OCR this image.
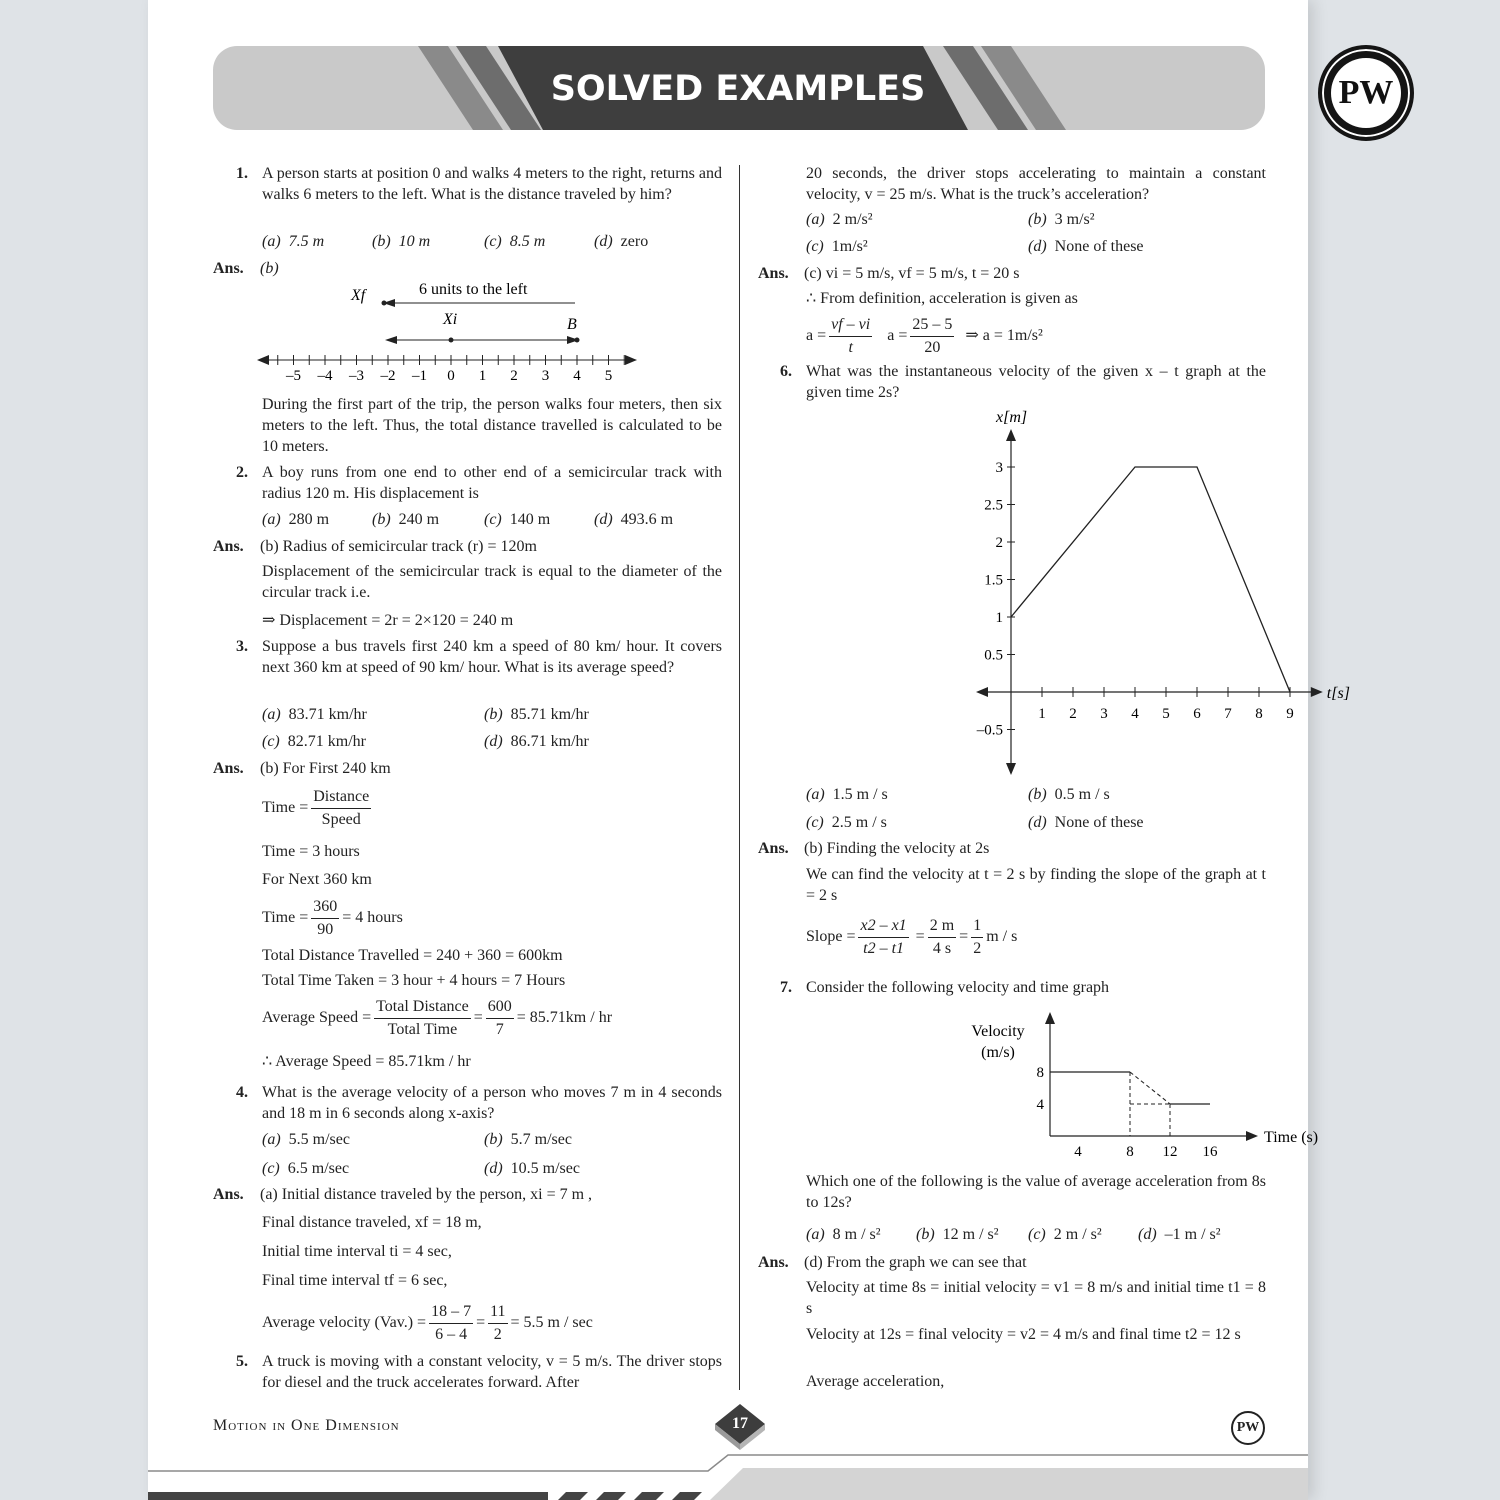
SOLVED EXAMPLES
1. A person starts at position 0 and walks 4 meters to the right, returns and walks 6 meters to the left. What is the distance traveled by him?
(a) 7.5 m	(b) 10 m	(c) 8.5 m	(d) zero
Ans. (b)
6 units to the left
Xf
Xi	B
–5 –4 –3 –2 –1 0 1 2 3 4 5
During the first part of the trip, the person walks four meters, then six meters to the left. Thus, the total distance travelled is calculated to be 10 meters.
2. A boy runs from one end to other end of a semicircular track with radius 120 m. His displacement is
(a) 280 m	(b) 240 m	(c) 140 m	(d) 493.6 m
Ans. (b) Radius of semicircular track (r) = 120m
Displacement of the semicircular track is equal to the diameter of the circular track i.e.
⇒ Displacement = 2r = 2×120 = 240 m
3. Suppose a bus travels first 240 km a speed of 80 km/ hour. It covers next 360 km at speed of 90 km/ hour. What is its average speed?
(a) 83.71 km/hr	(b) 85.71 km/hr
(c) 82.71 km/hr	(d) 86.71 km/hr
Ans. (b) For First 240 km
Time = $\frac{\text{Distance}}{\text{Speed}}$
Time = 3 hours
For Next 360 km
Time = $\frac{360}{90} = 4$ hours
Total Distance Travelled = 240 + 360 = 600km
Total Time Taken = 3 hour + 4 hours = 7 Hours
Average Speed = $\frac{\text{Total Distance}}{\text{Total Time}} = \frac{600}{7} = 85.71km$ / hr
∴ Average Speed = 85.71km / hr
4. What is the average velocity of a person who moves 7 m in 4 seconds and 18 m in 6 seconds along x-axis?
(a) 5.5 m/sec	(b) 5.7 m/sec
(c) 6.5 m/sec	(d) 10.5 m/sec
Ans. (a) Initial distance traveled by the person, xi = 7 m ,
Final distance traveled, xf = 18 m,
Initial time interval ti = 4 sec,
Final time interval tf = 6 sec,
Average velocity $(Vav.) = \frac{18 - 7}{6 - 4} = \frac{11}{2} = 5.5$ m / sec
5. A truck is moving with a constant velocity, v = 5 m/s. The driver stops for diesel and the truck accelerates forward. After
20 seconds, the driver stops accelerating to maintain a constant velocity, v = 25 m/s. What is the truck’s acceleration?
(a) 2 m/s²	(b) 3 m/s²
(c) 1m/s²	(d) None of these
Ans. (c) vi = 5 m/s, vf = 5 m/s, t = 20 s
∴ From definition, acceleration is given as
$a = \frac{vf - vi}{t}$ $a = \frac{25 - 5}{20}$ ⇒ a = 1m/s²
6. What was the instantaneous velocity of the given x – t graph at the given time 2s?
1 2 3 4 5 6 7 8 9
–0.5
0.5
1
1.5
2
2.5
3
x[m]
t[s]
(a) 1.5 m / s	(b) 0.5 m / s
(c) 2.5 m / s	(d) None of these
Ans. (b) Finding the velocity at 2s
We can find the velocity at t = 2 s by finding the slope of the graph at t = 2 s
Slope = $\frac{x2 - x1}{t2 - t1} = \frac{2 m}{4 s} = \frac{1}{2}$ m / s
7. Consider the following velocity and time graph
4	8 12 16
4
8
Velocity
(m/s)
Time (s)
Which one of the following is the value of average acceleration from 8s to 12s?
(a) 8 m / s² (b) 12 m / s² (c) 2 m / s² (d) –1 m / s²
Ans. (d) From the graph we can see that
Velocity at time 8s = initial velocity = v1 = 8 m/s and initial time t1 = 8 s
Velocity at 12s = final velocity = v2 = 4 m/s and final time t2 = 12 s
Average acceleration,
Motion in One Dimension	17	PW
PW
